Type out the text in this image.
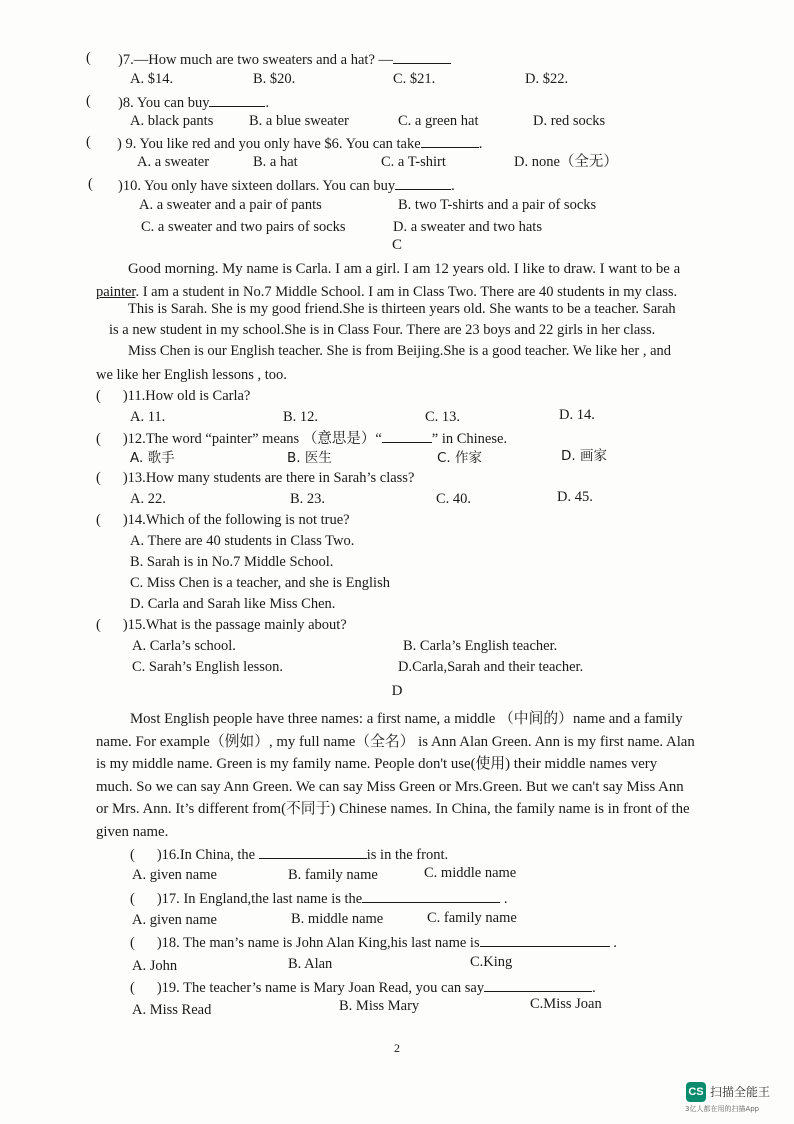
( )7.—How much are two sweaters and a hat? —
A. $14.	B. $20.	C. $21.	D. $22.
( )8. You can buy	.
A. black pants B. a blue sweater	C. a green hat	D. red socks
( ) 9. You like red and you only have $6. You can take	.
A. a sweater	B. a hat	C. a T-shirt	D. none（全无）
( )10. You only have sixteen dollars. You can buy	.
A. a sweater and a pair of pants	B. two T-shirts and a pair of socks
C. a sweater and two pairs of socks	D. a sweater and two hats
C
Good morning. My name is Carla. I am a girl. I am 12 years old. I like to draw. I want to be a
painter. I am a student in No.7 Middle School. I am in Class Two. There are 40 students in my class.
This is Sarah. She is my good friend.She is thirteen years old. She wants to be a teacher. Sarah
is a new student in my school.She is in Class Four. There are 23 boys and 22 girls in her class.
Miss Chen is our English teacher. She is from Beijing.She is a good teacher. We like her , and
we like her English lessons , too.
( )11.How old is Carla?
A. 11.	B. 12.	C. 13.	D. 14.
( )12.The word “painter” means （意思是）“	” in Chinese.
A. 歌手	B. 医生	C. 作家	D. 画家
( )13.How many students are there in Sarah’s class?
A. 22.	B. 23.	C. 40.	D. 45.
( )14.Which of the following is not true?
A. There are 40 students in Class Two.
B. Sarah is in No.7 Middle School.
C. Miss Chen is a teacher, and she is English
D. Carla and Sarah like Miss Chen.
( )15.What is the passage mainly about?
A. Carla’s school.	B. Carla’s English teacher.
C. Sarah’s English lesson.	D.Carla,Sarah and their teacher.
D
Most English people have three names: a first name, a middle （中间的）name and a family
name. For example（例如）, my full name（全名） is Ann Alan Green. Ann is my first name. Alan
is my middle name. Green is my family name. People don't use(使用) their middle names very
much. So we can say Ann Green. We can say Miss Green or Mrs.Green. But we can't say Miss Ann
or Mrs. Ann. It’s different from(不同于) Chinese names. In China, the family name is in front of the
given name.
( )16.In China, the	is in the front.
A. given name	B. family name	C. middle name
( )17. In England,the last name is the	.
A. given name	B. middle name	C. family name
( )18. The man’s name is John Alan King,his last name is	.
A. John	B. Alan	C.King
( )19. The teacher’s name is Mary Joan Read, you can say	.
A. Miss Read	B. Miss Mary	C.Miss Joan
2
CS 扫描全能王
3亿人都在用的扫描App
